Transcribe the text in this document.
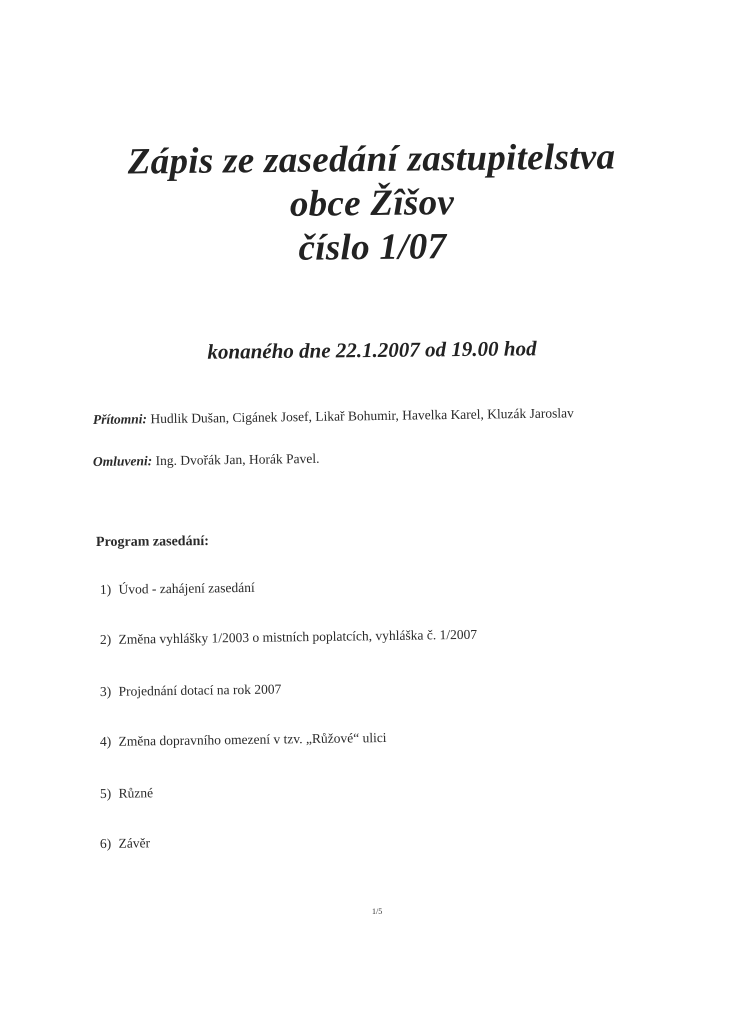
Zápis ze zasedání zastupitelstva
obce Žîšov
číslo 1/07
konaného dne 22.1.2007 od 19.00 hod
Přítomni: Hudlik Dušan, Cigánek Josef, Likař Bohumir, Havelka Karel, Kluzák Jaroslav
Omluveni: Ing. Dvořák Jan, Horák Pavel.
Program zasedání:
1) Úvod - zahájení zasedání
2) Změna vyhlášky 1/2003 o mistních poplatcích, vyhláška č. 1/2007
3) Projednání dotací na rok 2007
4) Změna dopravního omezení v tzv. „Růžové“ ulici
5) Různé
6) Závěr
1/5
